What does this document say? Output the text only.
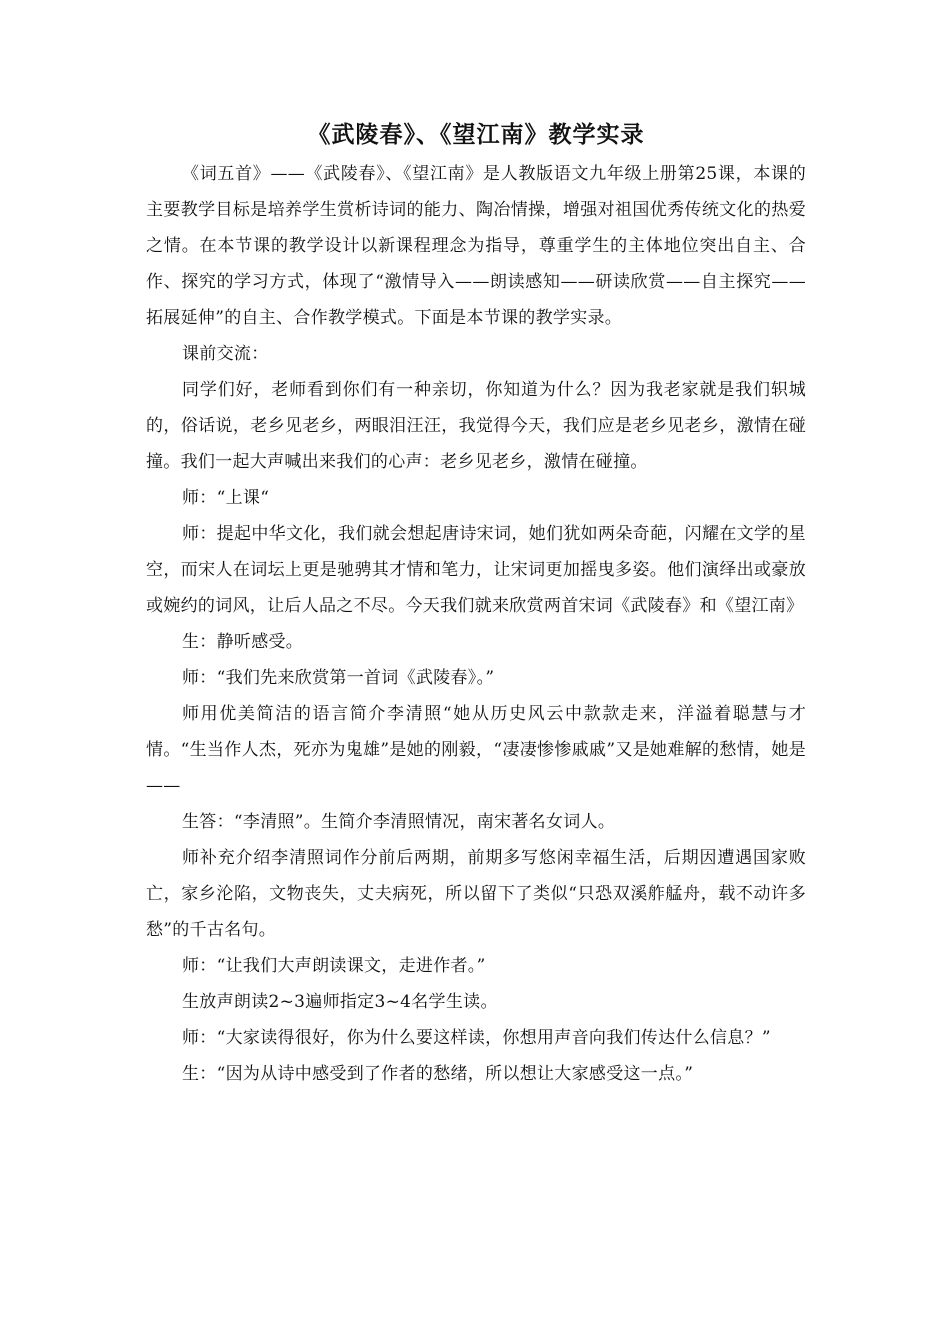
《武陵春》、《望江南》教学实录

《词五首》——《武陵春》、《望江南》是人教版语文九年级上册第25课，本课的主要教学目标是培养学生赏析诗词的能力、陶冶情操，增强对祖国优秀传统文化的热爱之情。在本节课的教学设计以新课程理念为指导，尊重学生的主体地位突出自主、合作、探究的学习方式，体现了“激情导入——朗读感知——研读欣赏——自主探究——拓展延伸”的自主、合作教学模式。下面是本节课的教学实录。

课前交流：

同学们好，老师看到你们有一种亲切，你知道为什么？因为我老家就是我们轵城的，俗话说，老乡见老乡，两眼泪汪汪，我觉得今天，我们应是老乡见老乡，激情在碰撞。我们一起大声喊出来我们的心声：老乡见老乡，激情在碰撞。

师：“上课“

师：提起中华文化，我们就会想起唐诗宋词，她们犹如两朵奇葩，闪耀在文学的星空，而宋人在词坛上更是驰骋其才情和笔力，让宋词更加摇曳多姿。他们演绎出或豪放或婉约的词风，让后人品之不尽。今天我们就来欣赏两首宋词《武陵春》和《望江南》

生：静听感受。

师：“我们先来欣赏第一首词《武陵春》。”

师用优美简洁的语言简介李清照“她从历史风云中款款走来，洋溢着聪慧与才情。“生当作人杰，死亦为鬼雄”是她的刚毅，“凄凄惨惨戚戚”又是她难解的愁情，她是——

生答：“李清照”。生简介李清照情况，南宋著名女词人。

师补充介绍李清照词作分前后两期，前期多写悠闲幸福生活，后期因遭遇国家败亡，家乡沦陷，文物丧失，丈夫病死，所以留下了类似“只恐双溪舴艋舟，载不动许多愁”的千古名句。

师：“让我们大声朗读课文，走进作者。”

生放声朗读2~3遍师指定3~4名学生读。

师：“大家读得很好，你为什么要这样读，你想用声音向我们传达什么信息？”

生：“因为从诗中感受到了作者的愁绪，所以想让大家感受这一点。”
